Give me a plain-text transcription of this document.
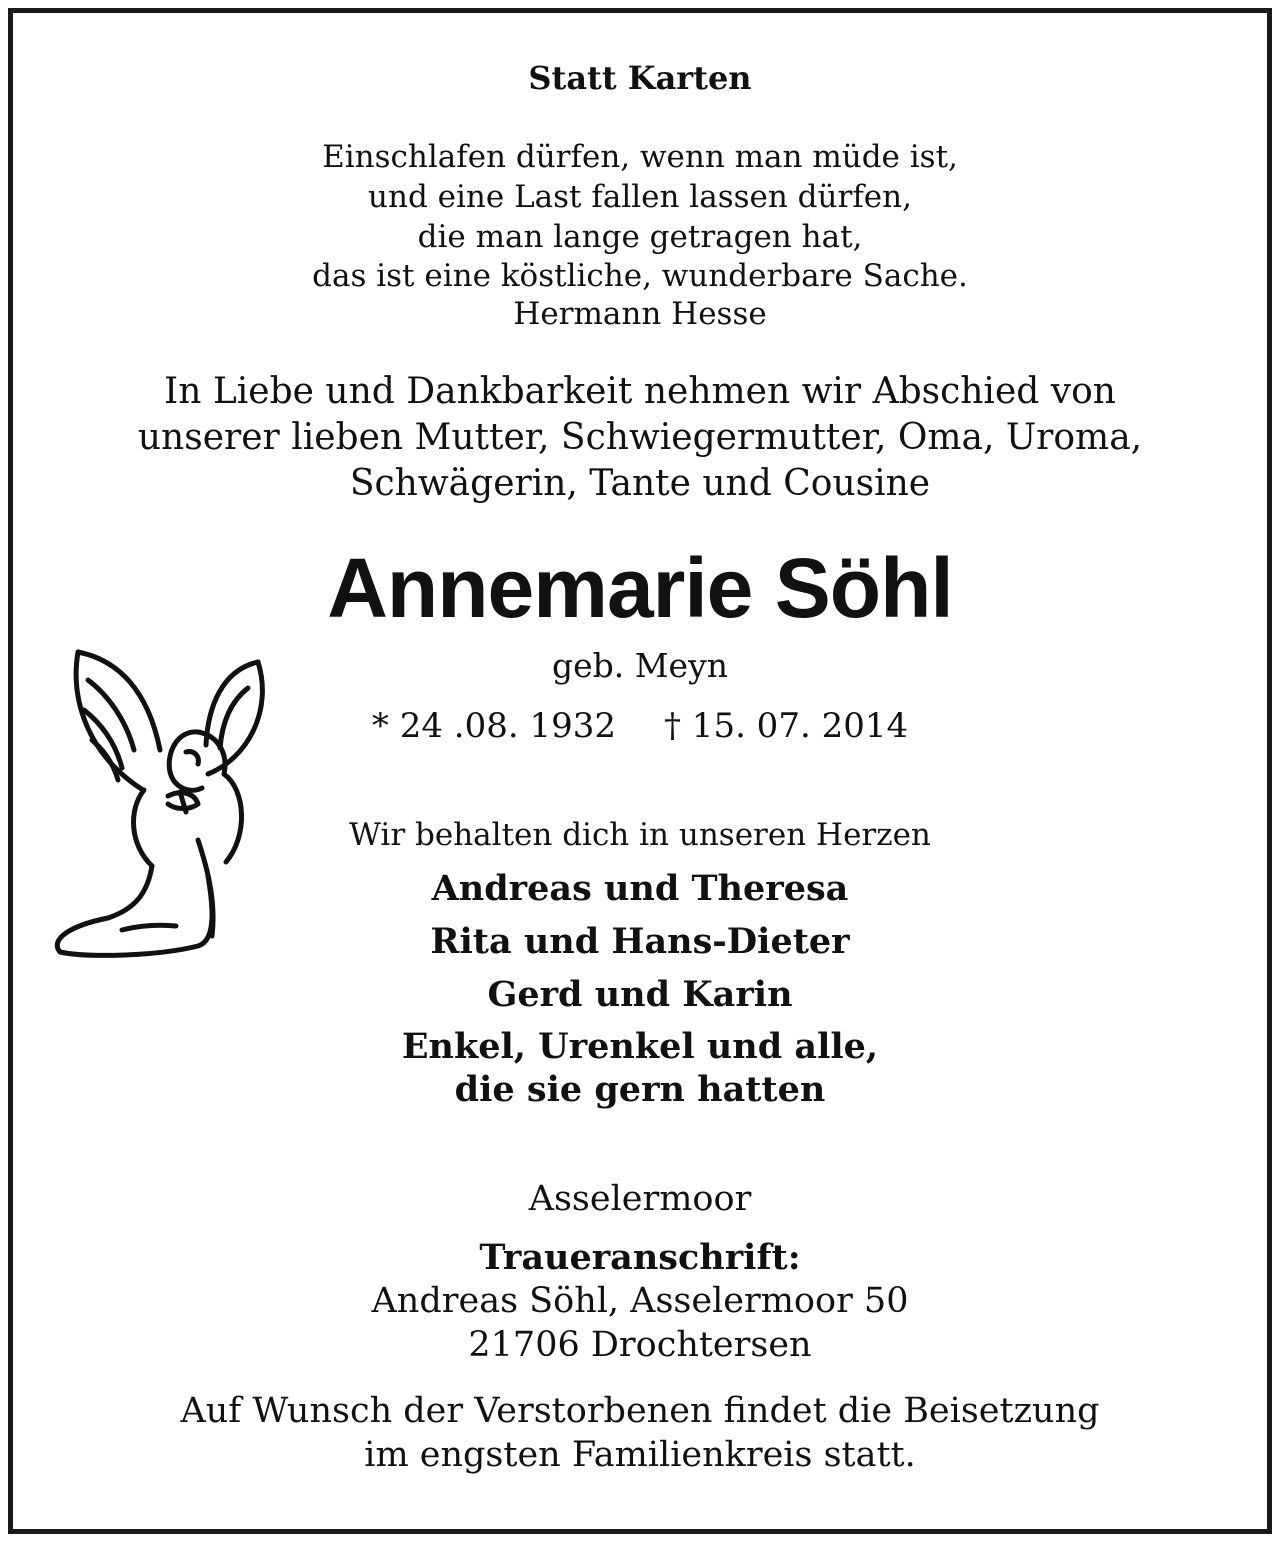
Statt Karten
Einschlafen dürfen, wenn man müde ist,
und eine Last fallen lassen dürfen,
die man lange getragen hat,
das ist eine köstliche, wunderbare Sache.
Hermann Hesse
In Liebe und Dankbarkeit nehmen wir Abschied von
unserer lieben Mutter, Schwiegermutter, Oma, Uroma,
Schwägerin, Tante und Cousine
Annemarie Söhl
geb. Meyn
* 24 .08. 1932 † 15. 07. 2014
Wir behalten dich in unseren Herzen
Andreas und Theresa
Rita und Hans-Dieter
Gerd und Karin
Enkel, Urenkel und alle,
die sie gern hatten
Asselermoor
Traueranschrift:
Andreas Söhl, Asselermoor 50
21706 Drochtersen
Auf Wunsch der Verstorbenen findet die Beisetzung
im engsten Familienkreis statt.
